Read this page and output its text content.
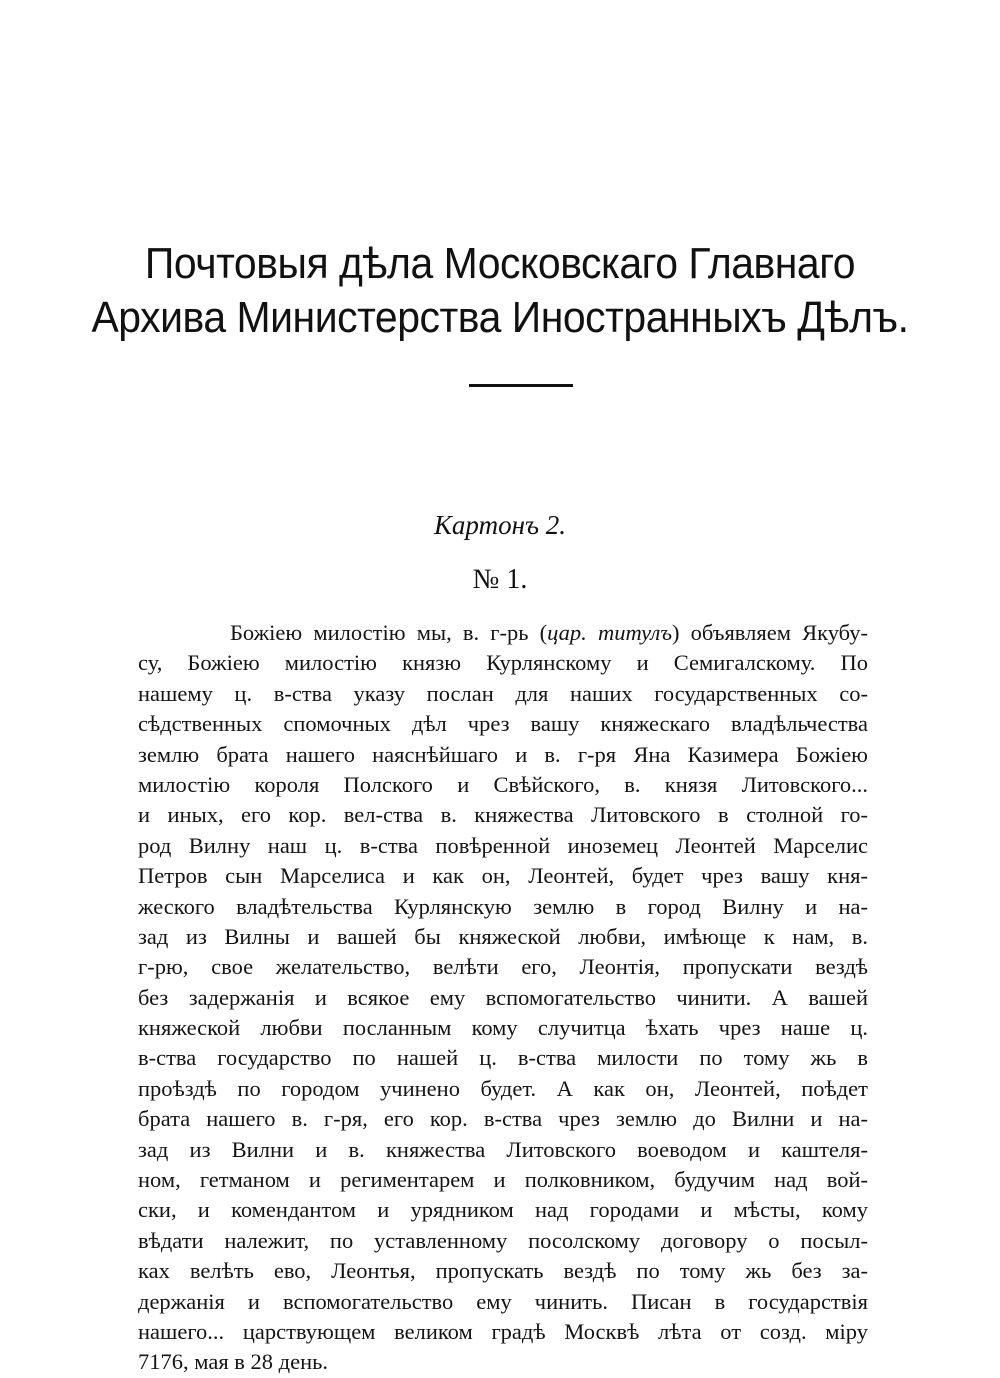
Почтовыя дѣла Московскаго Главнаго
Архива Министерства Иностранныхъ Дѣлъ.
Картонъ 2.
№ 1.
Божiею милостiю мы, в. г-рь (цар. титулъ) объявляем Якубу-
су, Божiею милостiю князю Курлянскому и Семигалскому. По
нашему ц. в-ства указу послан для наших государственных со-
сѣдственных спомочных дѣл чрез вашу княжескаго владѣльчества
землю брата нашего наяснѣйшаго и в. г-ря Яна Казимера Божiею
милостiю короля Полского и Свѣйского, в. князя Литовского...
и иных, его кор. вел-ства в. княжества Литовского в столной го-
род Вилну наш ц. в-ства повѣренной иноземец Леонтей Марселис
Петров сын Марселиса и как он, Леонтей, будет чрез вашу кня-
жеского владѣтельства Курлянскую землю в город Вилну и на-
зад из Вилны и вашей бы княжеской любви, имѣюще к нам, в.
г-рю, свое желательство, велѣти его, Леонтiя, пропускати вездѣ
без задержанiя и всякое ему вспомогательство чинити. А вашей
княжеской любви посланным кому случитца ѣхать чрез наше ц.
в-ства государство по нашей ц. в-ства милости по тому жь в
проѣздѣ по городом учинено будет. А как он, Леонтей, поѣдет
брата нашего в. г-ря, его кор. в-ства чрез землю до Вилни и на-
зад из Вилни и в. княжества Литовского воеводом и каштеля-
ном, гетманом и региментарем и полковником, будучим над вой-
ски, и комендантом и урядником над городами и мѣсты, кому
вѣдати належит, по уставленному посолскому договору о посыл-
ках велѣть ево, Леонтья, пропускать вездѣ по тому жь без за-
держанiя и вспомогательство ему чинить. Писан в государствiя
нашего... царствующем великом градѣ Москвѣ лѣта от созд. мiру
7176, мая в 28 день.
